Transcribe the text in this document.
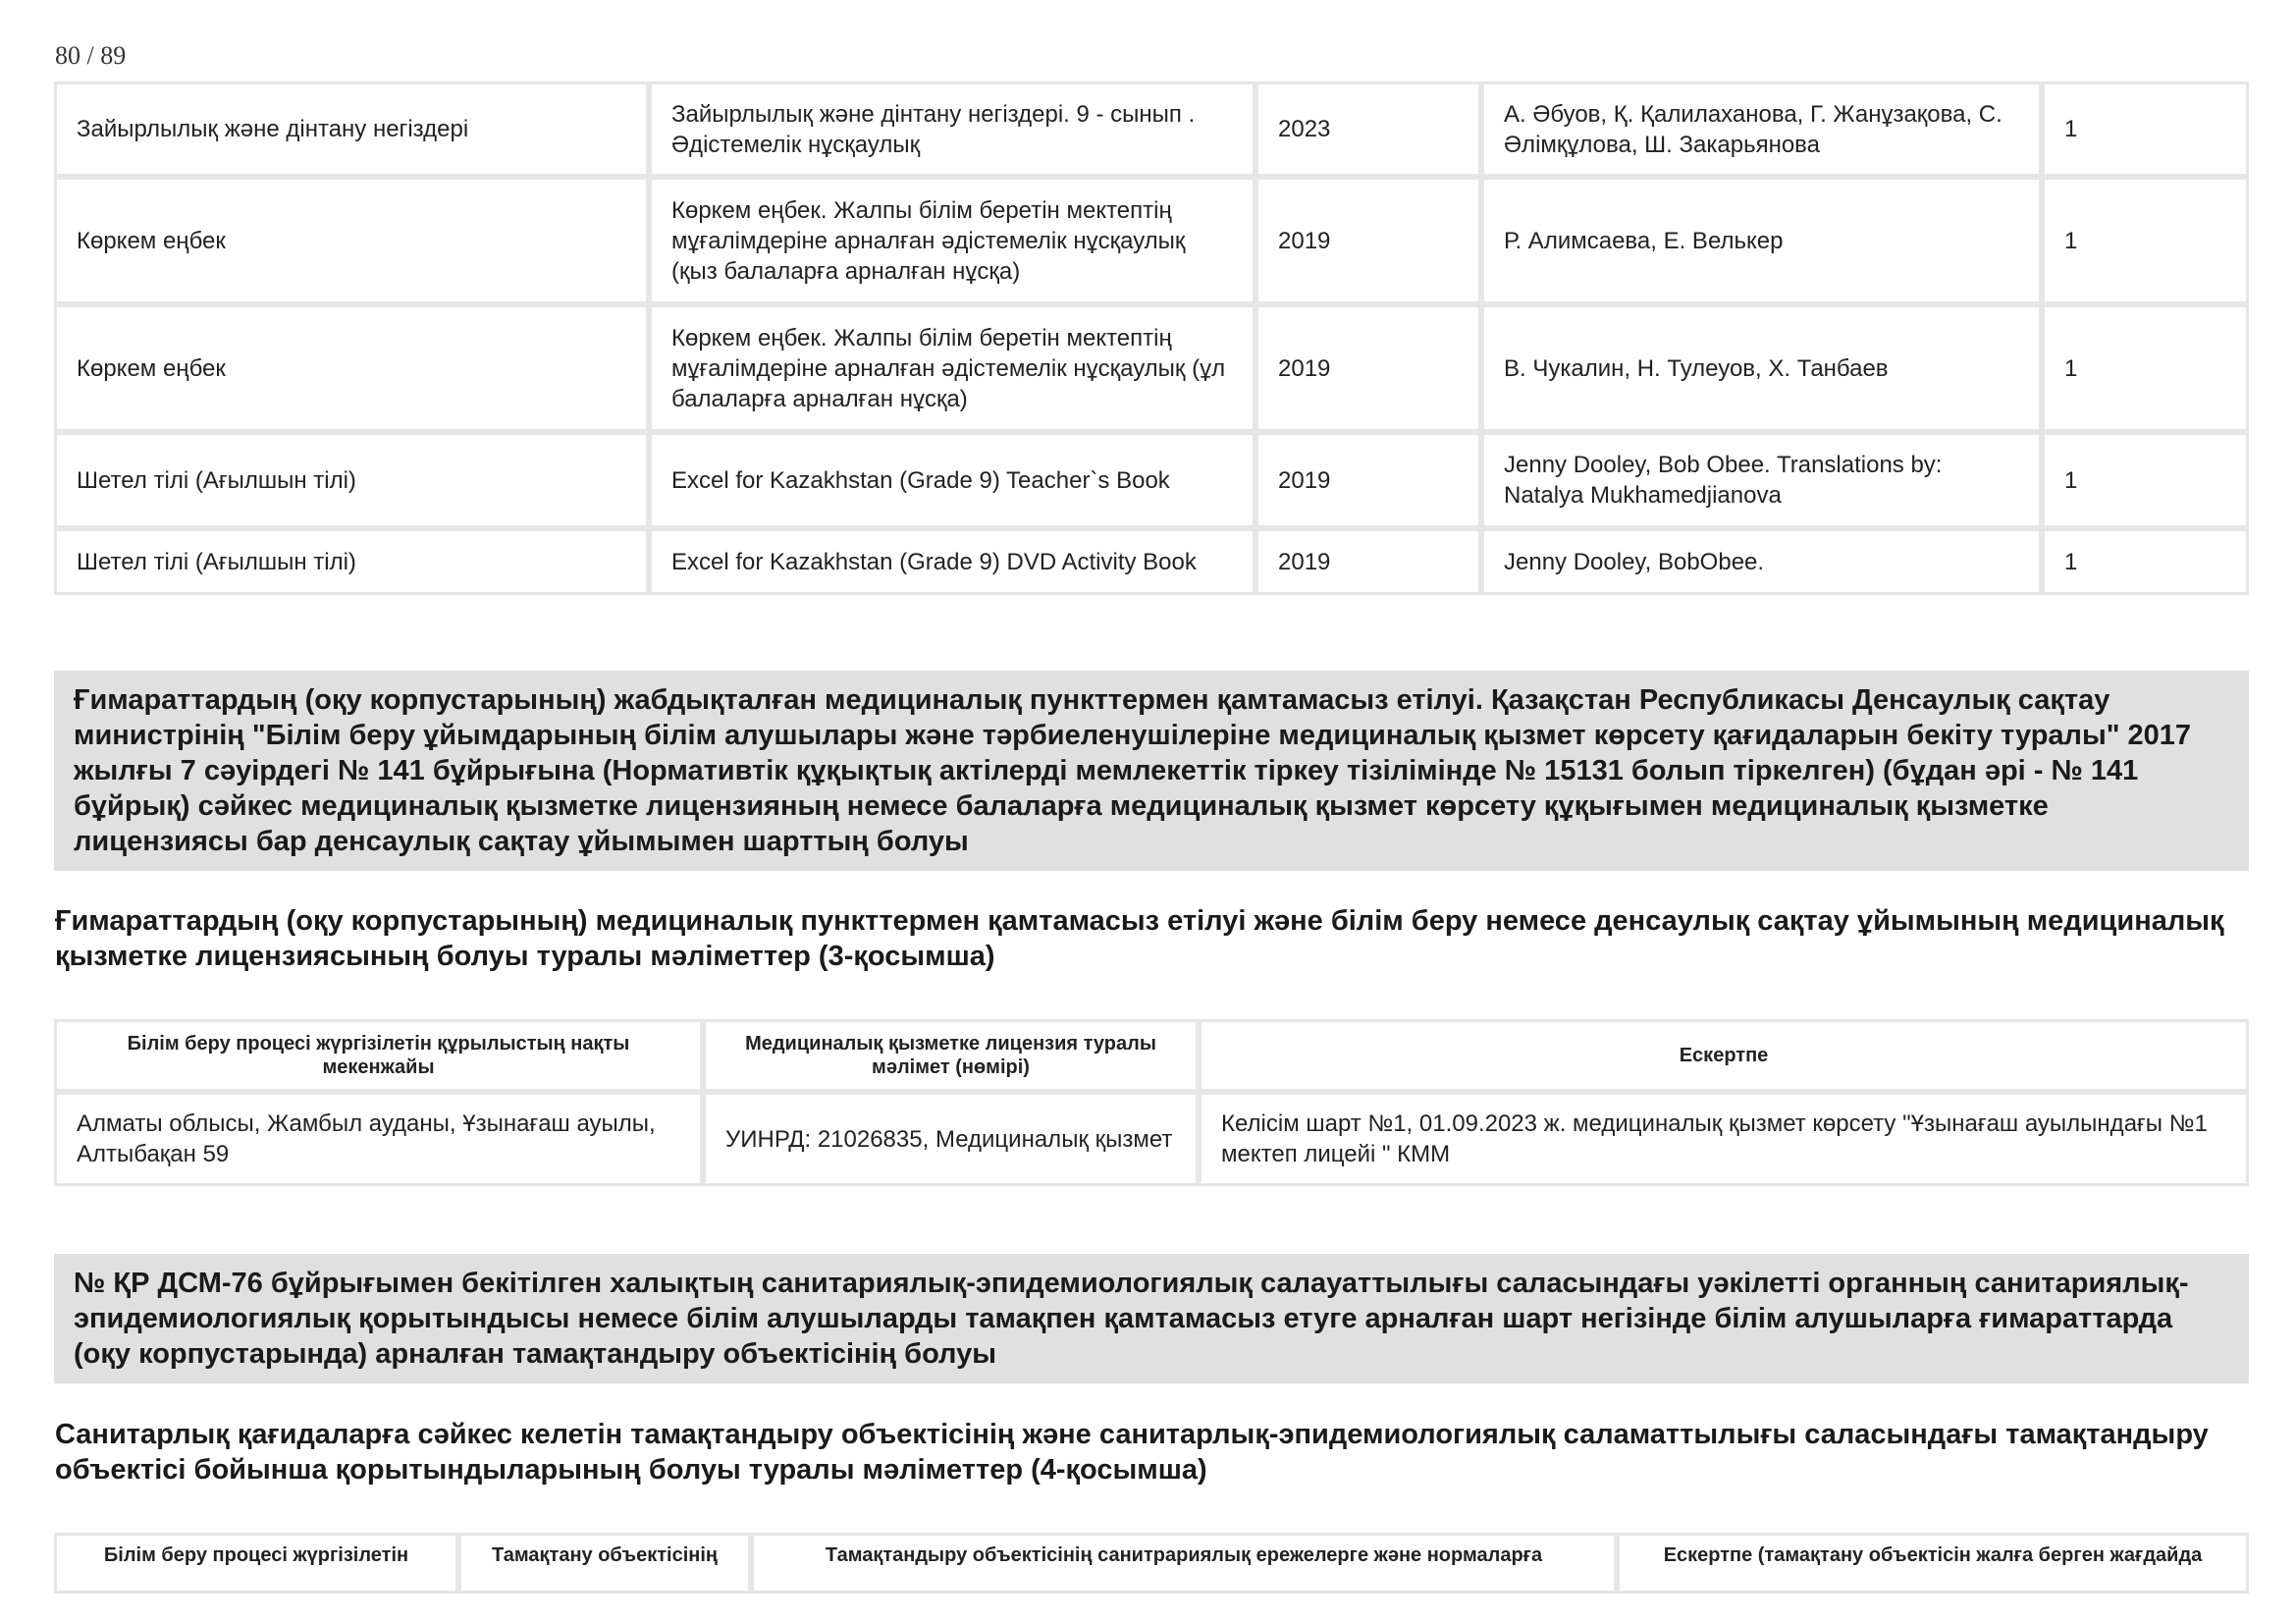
80 / 89
Зайырлылық және дінтану негіздері	Зайырлылық және дінтану негіздері. 9 - сынып . Әдістемелік нұсқаулық	2023	А. Әбуов, Қ. Қалилаханова, Г. Жанұзақова, С. Әлімқұлова, Ш. Закарьянова	1
Көркем еңбек	Көркем еңбек. Жалпы білім беретін мектептің мұғалімдеріне арналған әдістемелік нұсқаулық (қыз балаларға арналған нұсқа)	2019	Р. Алимсаева, Е. Велькер	1
Көркем еңбек	Көркем еңбек. Жалпы білім беретін мектептің мұғалімдеріне арналған әдістемелік нұсқаулық (ұл балаларға арналған нұсқа)	2019	В. Чукалин, Н. Тулеуов, Х. Танбаев	1
Шетел тілі (Ағылшын тілі)	Excel for Kazakhstan (Grade 9) Teacher`s Book	2019	Jenny Dooley, Bob Obee. Translations by: Natalya Mukhamedjianova	1
Шетел тілі (Ағылшын тілі)	Excel for Kazakhstan (Grade 9) DVD Activity Book	2019	Jenny Dooley, BobObee.	1
Ғимараттардың (оқу корпустарының) жабдықталған медициналық пункттермен қамтамасыз етілуі. Қазақстан Республикасы Денсаулық сақтау министрінің "Білім беру ұйымдарының білім алушылары және тәрбиеленушілеріне медициналық қызмет көрсету қағидаларын бекіту туралы" 2017 жылғы 7 сәуірдегі № 141 бұйрығына (Нормативтік құқықтық актілерді мемлекеттік тіркеу тізілімінде № 15131 болып тіркелген) (бұдан әрі - № 141 бұйрық) сәйкес медициналық қызметке лицензияның немесе балаларға медициналық қызмет көрсету құқығымен медициналық қызметке лицензиясы бар денсаулық сақтау ұйымымен шарттың болуы
Ғимараттардың (оқу корпустарының) медициналық пункттермен қамтамасыз етілуі және білім беру немесе денсаулық сақтау ұйымының медициналық қызметке лицензиясының болуы туралы мәліметтер (3-қосымша)
Білім беру процесі жүргізілетін құрылыстың нақты мекенжайы	Медициналық қызметке лицензия туралы мәлімет (нөмірі)	Ескертпе
Алматы облысы, Жамбыл ауданы, Ұзынағаш ауылы, Алтыбақан 59	УИНРД: 21026835, Медициналық қызмет	Келісім шарт №1, 01.09.2023 ж. медициналық қызмет көрсету "Ұзынағаш ауылындағы №1 мектеп лицейі " КММ
№ ҚР ДСМ-76 бұйрығымен бекітілген халықтың санитариялық-эпидемиологиялық салауаттылығы саласындағы уәкілетті органның санитариялық-эпидемиологиялық қорытындысы немесе білім алушыларды тамақпен қамтамасыз етуге арналған шарт негізінде білім алушыларға ғимараттарда (оқу корпустарында) арналған тамақтандыру объектісінің болуы
Санитарлық қағидаларға сәйкес келетін тамақтандыру объектісінің және санитарлық-эпидемиологиялық саламаттылығы саласындағы тамақтандыру объектісі бойынша қорытындыларының болуы туралы мәліметтер (4-қосымша)
Білім беру процесі жүргізілетін	Тамақтану объектісінің	Тамақтандыру объектісінің санитрариялық ережелерге және нормаларға	Ескертпе (тамақтану объектісін жалға берген жағдайда
